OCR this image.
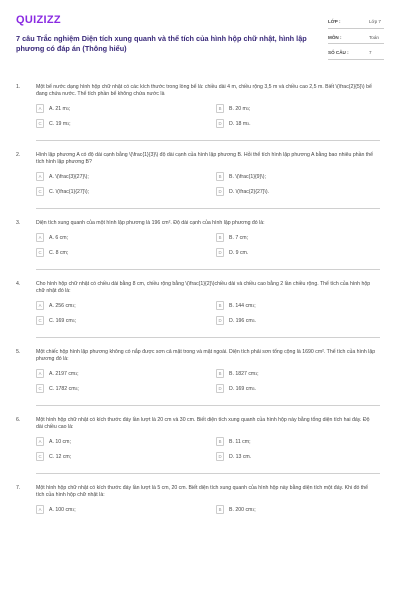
QUIZIZZ
7 câu Trắc nghiệm Diện tích xung quanh và thể tích của hình hộp chữ nhật, hình lập phương có đáp án (Thông hiểu)
LỚP :	Lớp 7
MÔN :	Toán
SỐ CÂU :	7
1.	Một bể nước dạng hình hộp chữ nhật có các kích thước trong lòng bể là: chiều dài 4 m, chiều rộng 3,5 m và chiều cao 2,5 m. Biết \(\frac{2}{5}\) bể đang chứa nước. Thể tích phần bể không chứa nước là
A	A. 21 m 3 ;	B	B. 20 m 3 ;
C	C. 19 m 3 ;	D	D. 18 m 3 .
2.	Hình lập phương A có độ dài cạnh bằng \(\frac{1}{3}\) độ dài cạnh của hình lập phương B. Hỏi thể tích hình lập phương A bằng bao nhiêu phần thể tích hình lập phương B?
A	A. \(\frac{3}{27}\);	B	B. \(\frac{1}{9}\);
C	C. \(\frac{1}{27}\);	D	D. \(\frac{2}{27}\).
3.	Diện tích xung quanh của một hình lập phương là 196 cm². Độ dài cạnh của hình lập phương đó là:
A	A. 6 cm;	B	B. 7 cm;
C	C. 8 cm;	D	D. 9 cm.
4.	Cho hình hộp chữ nhật có chiều dài bằng 8 cm, chiều rộng bằng \(\frac{1}{2}\)chiều dài và chiều cao bằng 2 lần chiều rộng. Thể tích của hình hộp chữ nhật đó là:
A	A. 256 cm 3 ;	B	B. 144 cm 3 ;
C	C. 169 cm 3 ;	D	D. 196 cm 3 .
5.	Một chiếc hộp hình lập phương không có nắp được sơn cả mặt trong và mặt ngoài. Diện tích phải sơn tổng cộng là 1690 cm². Thể tích của hình lập phương đó là:
A	A. 2197 cm 3 ;	B	B. 1827 cm 3 ;
C	C. 1782 cm 3 ;	D	D. 169 cm 3 .
6.	Một hình hộp chữ nhật có kích thước đáy lần lượt là 20 cm và 30 cm. Biết diện tích xung quanh của hình hộp này bằng tổng diện tích hai đáy. Độ dài chiều cao là:
A	A. 10 cm;	B	B. 11 cm;
C	C. 12 cm;	D	D. 13 cm.
7.	Một hình hộp chữ nhật có kích thước đáy lần lượt là 5 cm, 20 cm. Biết diện tích xung quanh của hình hộp này bằng diện tích một đáy. Khi đó thể tích của hình hộp chữ nhật là:
A	A. 100 cm 3 ;	B	B. 200 cm 3 ;
